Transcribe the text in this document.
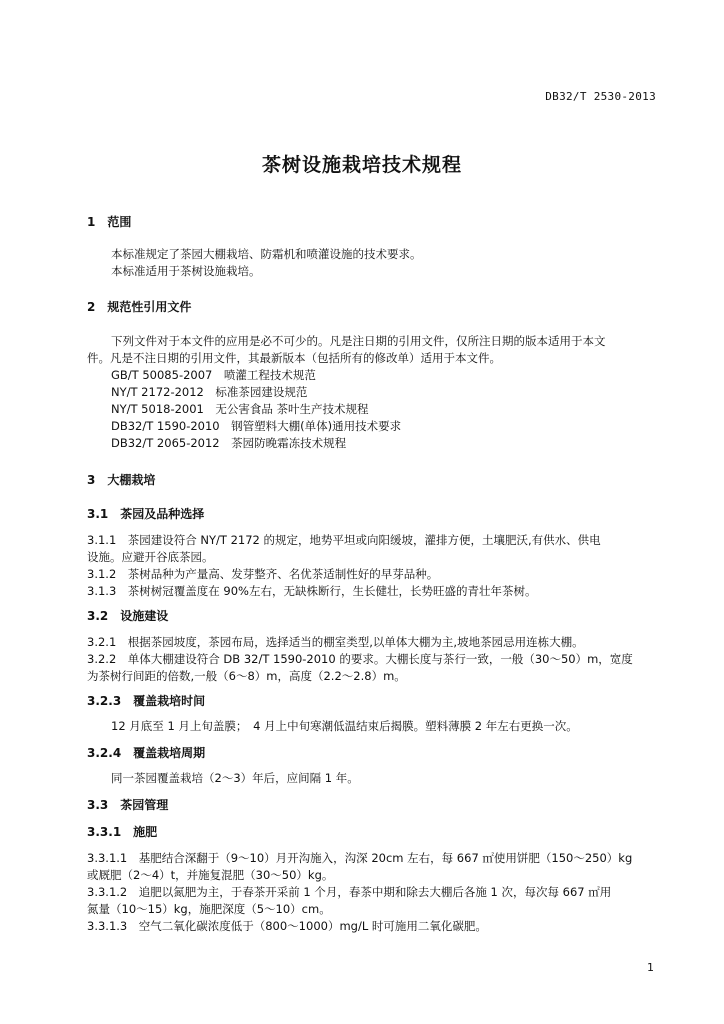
DB32/T 2530-2013
茶树设施栽培技术规程
1　范围
本标准规定了茶园大棚栽培、防霜机和喷灌设施的技术要求。
本标准适用于茶树设施栽培。
2　规范性引用文件
下列文件对于本文件的应用是必不可少的。凡是注日期的引用文件，仅所注日期的版本适用于本文
件。凡是不注日期的引用文件，其最新版本（包括所有的修改单）适用于本文件。
GB/T 50085-2007　喷灌工程技术规范
NY/T 2172-2012　标准茶园建设规范
NY/T 5018-2001　无公害食品 茶叶生产技术规程
DB32/T 1590-2010　钢管塑料大棚(单体)通用技术要求
DB32/T 2065-2012　茶园防晚霜冻技术规程
3　大棚栽培
3.1　茶园及品种选择
3.1.1　茶园建设符合 NY/T 2172 的规定，地势平坦或向阳缓坡，灌排方便，土壤肥沃,有供水、供电
设施。应避开谷底茶园。
3.1.2　茶树品种为产量高、发芽整齐、名优茶适制性好的早芽品种。
3.1.3　茶树树冠覆盖度在 90%左右，无缺株断行，生长健壮，长势旺盛的青壮年茶树。
3.2　设施建设
3.2.1　根据茶园坡度，茶园布局，选择适当的棚室类型,以单体大棚为主,坡地茶园忌用连栋大棚。
3.2.2　单体大棚建设符合 DB 32/T 1590-2010 的要求。大棚长度与茶行一致，一般（30～50）m，宽度
为茶树行间距的倍数,一般（6～8）m，高度（2.2～2.8）m。
3.2.3　覆盖栽培时间
12 月底至 1 月上旬盖膜；　4 月上中旬寒潮低温结束后揭膜。塑料薄膜 2 年左右更换一次。
3.2.4　覆盖栽培周期
同一茶园覆盖栽培（2～3）年后，应间隔 1 年。
3.3　茶园管理
3.3.1　施肥
3.3.1.1　基肥结合深翻于（9～10）月开沟施入，沟深 20cm 左右，每 667 ㎡使用饼肥（150～250）kg
或厩肥（2～4）t，并施复混肥（30～50）kg。
3.3.1.2　追肥以氮肥为主，于春茶开采前 1 个月，春茶中期和除去大棚后各施 1 次，每次每 667 ㎡用
氮量（10～15）kg，施肥深度（5～10）cm。
3.3.1.3　空气二氧化碳浓度低于（800～1000）mg/L 时可施用二氧化碳肥。
1
